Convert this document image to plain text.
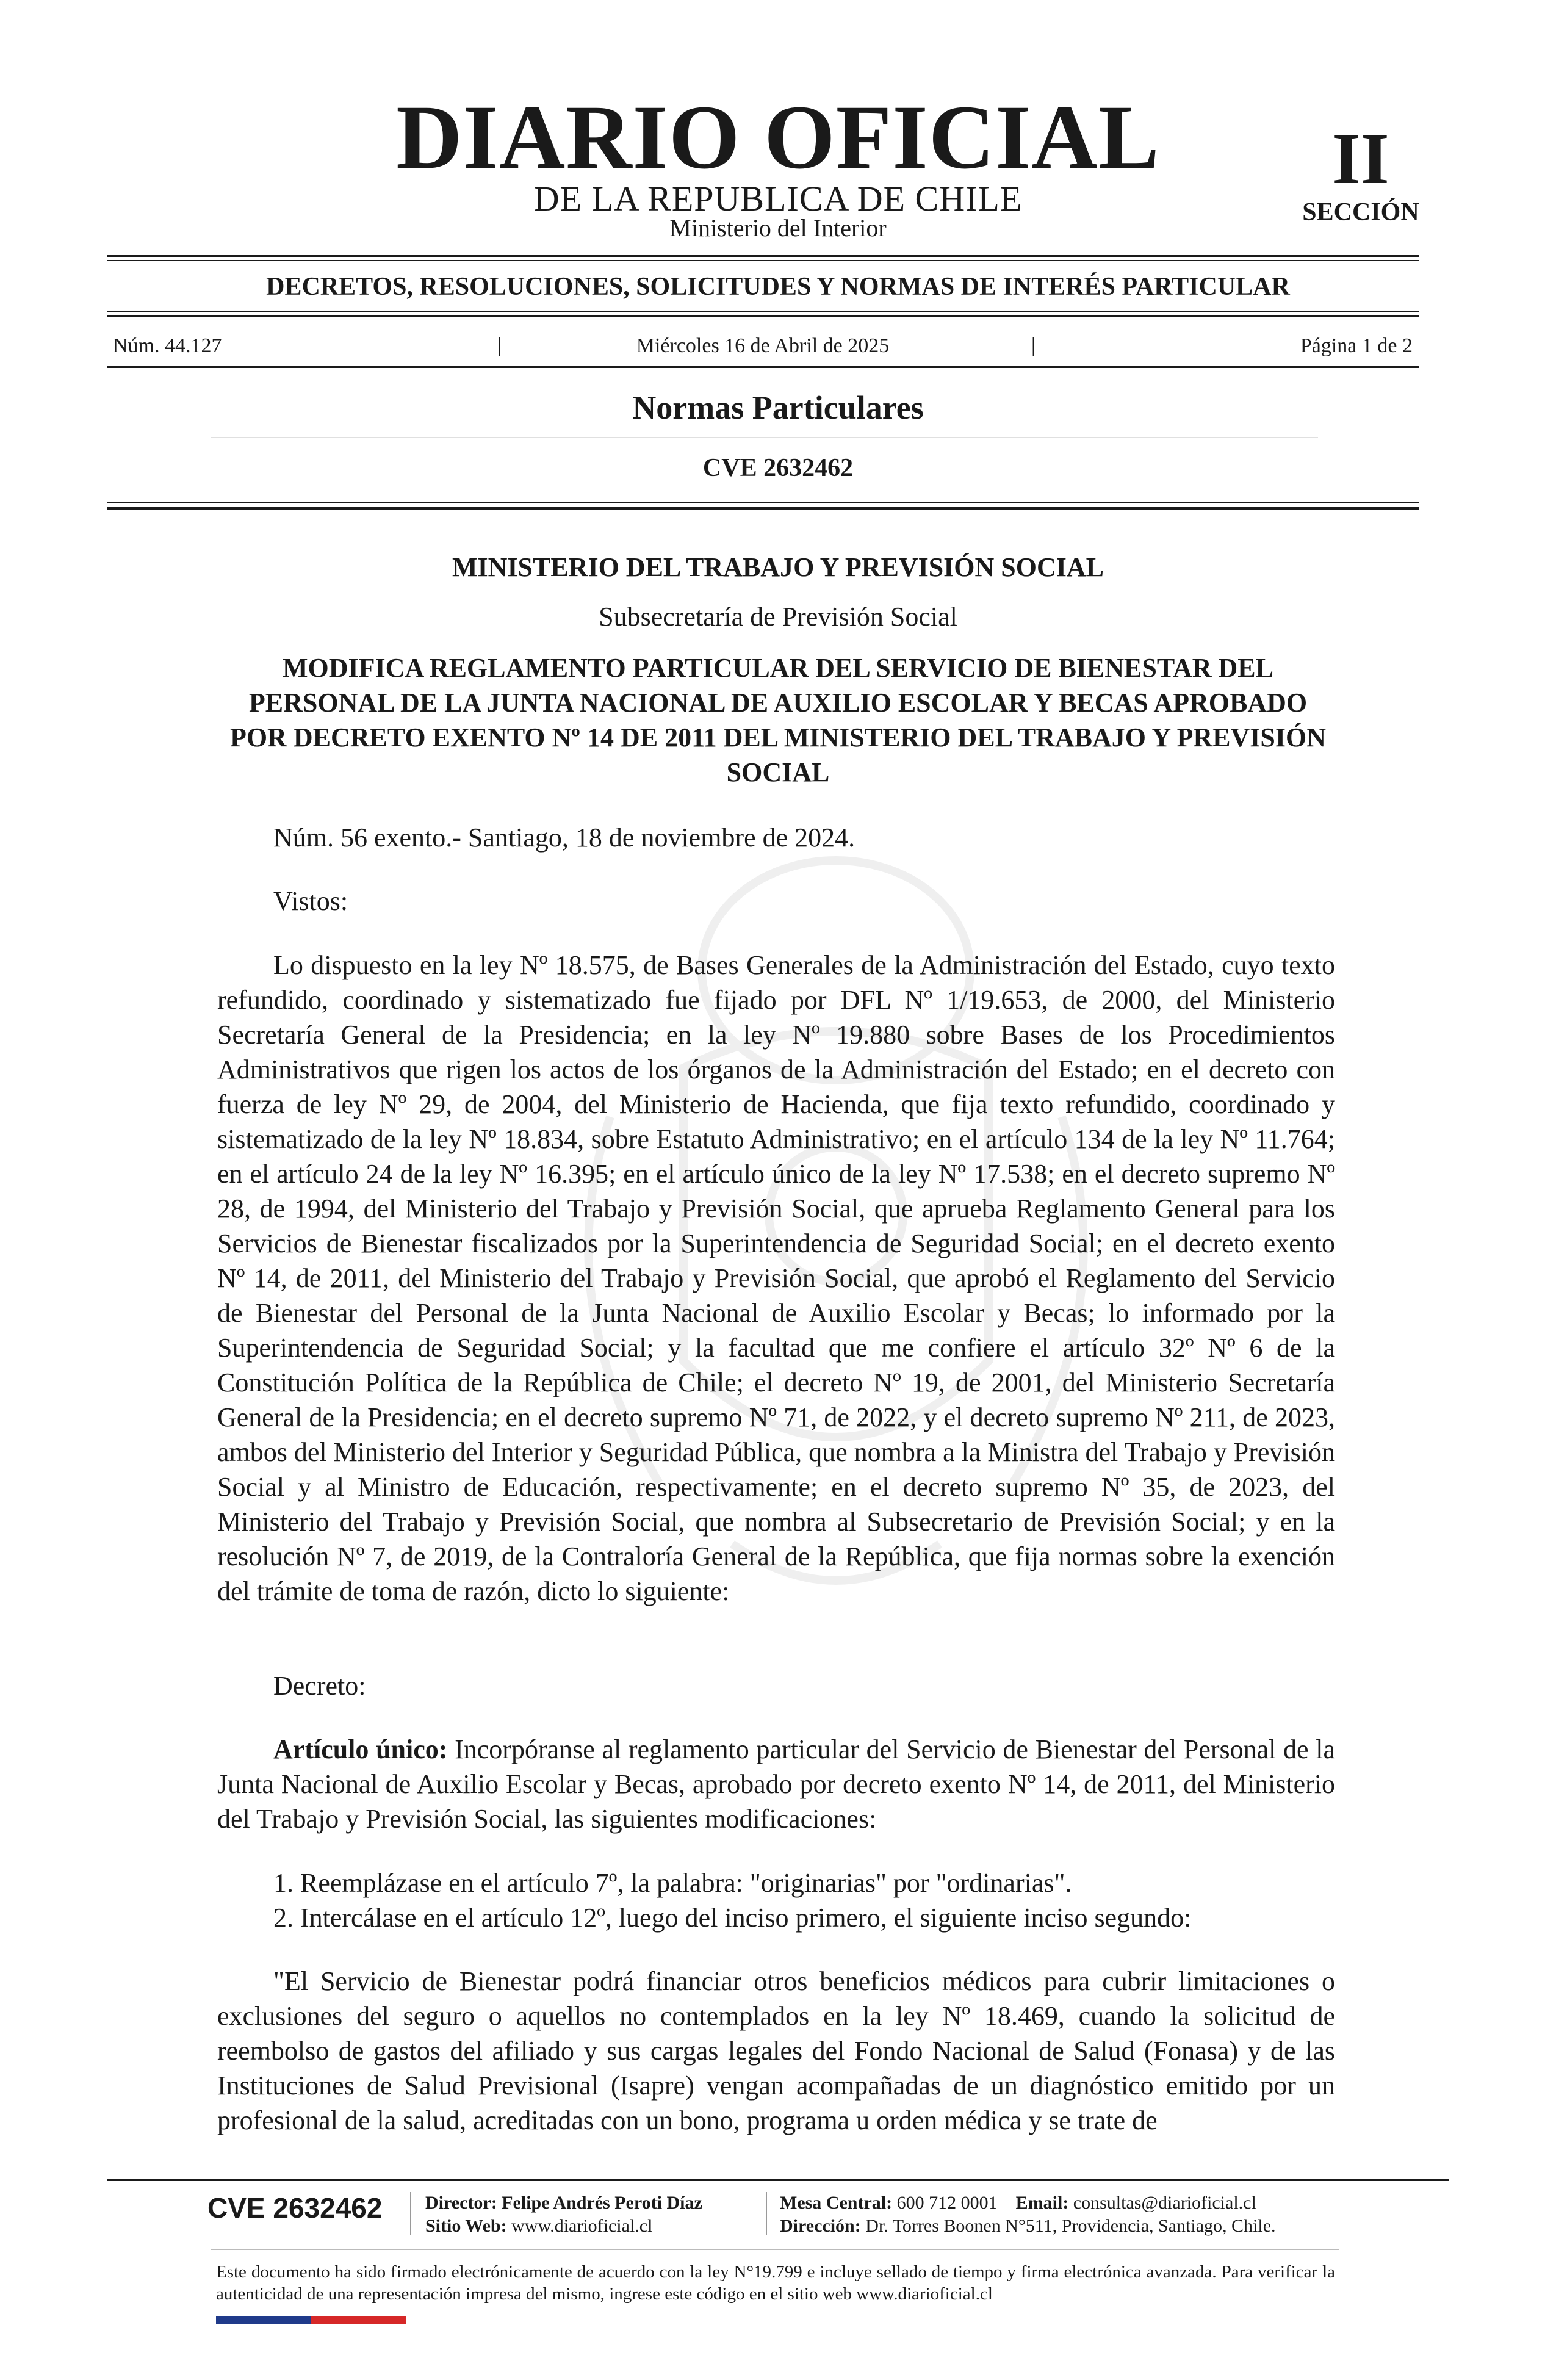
DIARIO OFICIAL
DE LA REPUBLICA DE CHILE
Ministerio del Interior
II
SECCIÓN
DECRETOS, RESOLUCIONES, SOLICITUDES Y NORMAS DE INTERÉS PARTICULAR
Núm. 44.127	|	Miércoles 16 de Abril de 2025	|	Página 1 de 2
Normas Particulares
CVE 2632462
MINISTERIO DEL TRABAJO Y PREVISIÓN SOCIAL
Subsecretaría de Previsión Social
MODIFICA REGLAMENTO PARTICULAR DEL SERVICIO DE BIENESTAR DEL PERSONAL DE LA JUNTA NACIONAL DE AUXILIO ESCOLAR Y BECAS APROBADO POR DECRETO EXENTO Nº 14 DE 2011 DEL MINISTERIO DEL TRABAJO Y PREVISIÓN SOCIAL

Núm. 56 exento.- Santiago, 18 de noviembre de 2024.

Vistos:

Lo dispuesto en la ley Nº 18.575, de Bases Generales de la Administración del Estado, cuyo texto refundido, coordinado y sistematizado fue fijado por DFL Nº 1/19.653, de 2000, del Ministerio Secretaría General de la Presidencia; en la ley Nº 19.880 sobre Bases de los Procedimientos Administrativos que rigen los actos de los órganos de la Administración del Estado; en el decreto con fuerza de ley Nº 29, de 2004, del Ministerio de Hacienda, que fija texto refundido, coordinado y sistematizado de la ley Nº 18.834, sobre Estatuto Administrativo; en el artículo 134 de la ley Nº 11.764; en el artículo 24 de la ley Nº 16.395; en el artículo único de la ley Nº 17.538; en el decreto supremo Nº 28, de 1994, del Ministerio del Trabajo y Previsión Social, que aprueba Reglamento General para los Servicios de Bienestar fiscalizados por la Superintendencia de Seguridad Social; en el decreto exento Nº 14, de 2011, del Ministerio del Trabajo y Previsión Social, que aprobó el Reglamento del Servicio de Bienestar del Personal de la Junta Nacional de Auxilio Escolar y Becas; lo informado por la Superintendencia de Seguridad Social; y la facultad que me confiere el artículo 32º Nº 6 de la Constitución Política de la República de Chile; el decreto Nº 19, de 2001, del Ministerio Secretaría General de la Presidencia; en el decreto supremo Nº 71, de 2022, y el decreto supremo Nº 211, de 2023, ambos del Ministerio del Interior y Seguridad Pública, que nombra a la Ministra del Trabajo y Previsión Social y al Ministro de Educación, respectivamente; en el decreto supremo Nº 35, de 2023, del Ministerio del Trabajo y Previsión Social, que nombra al Subsecretario de Previsión Social; y en la resolución Nº 7, de 2019, de la Contraloría General de la República, que fija normas sobre la exención del trámite de toma de razón, dicto lo siguiente:

Decreto:

Artículo único: Incorpóranse al reglamento particular del Servicio de Bienestar del Personal de la Junta Nacional de Auxilio Escolar y Becas, aprobado por decreto exento Nº 14, de 2011, del Ministerio del Trabajo y Previsión Social, las siguientes modificaciones:

1. Reemplázase en el artículo 7º, la palabra: "originarias" por "ordinarias".

2. Intercálase en el artículo 12º, luego del inciso primero, el siguiente inciso segundo:

"El Servicio de Bienestar podrá financiar otros beneficios médicos para cubrir limitaciones o exclusiones del seguro o aquellos no contemplados en la ley Nº 18.469, cuando la solicitud de reembolso de gastos del afiliado y sus cargas legales del Fondo Nacional de Salud (Fonasa) y de las Instituciones de Salud Previsional (Isapre) vengan acompañadas de un diagnóstico emitido por un profesional de la salud, acreditadas con un bono, programa u orden médica y se trate de

CVE 2632462 Director: Felipe Andrés Peroti Díaz
Sitio Web: www.diarioficial.cl
Mesa Central: 600 712 0001 Email: consultas@diarioficial.cl
Dirección: Dr. Torres Boonen N°511, Providencia, Santiago, Chile.
Este documento ha sido firmado electrónicamente de acuerdo con la ley N°19.799 e incluye sellado de tiempo y firma electrónica avanzada. Para verificar la autenticidad de una representación impresa del mismo, ingrese este código en el sitio web www.diarioficial.cl
